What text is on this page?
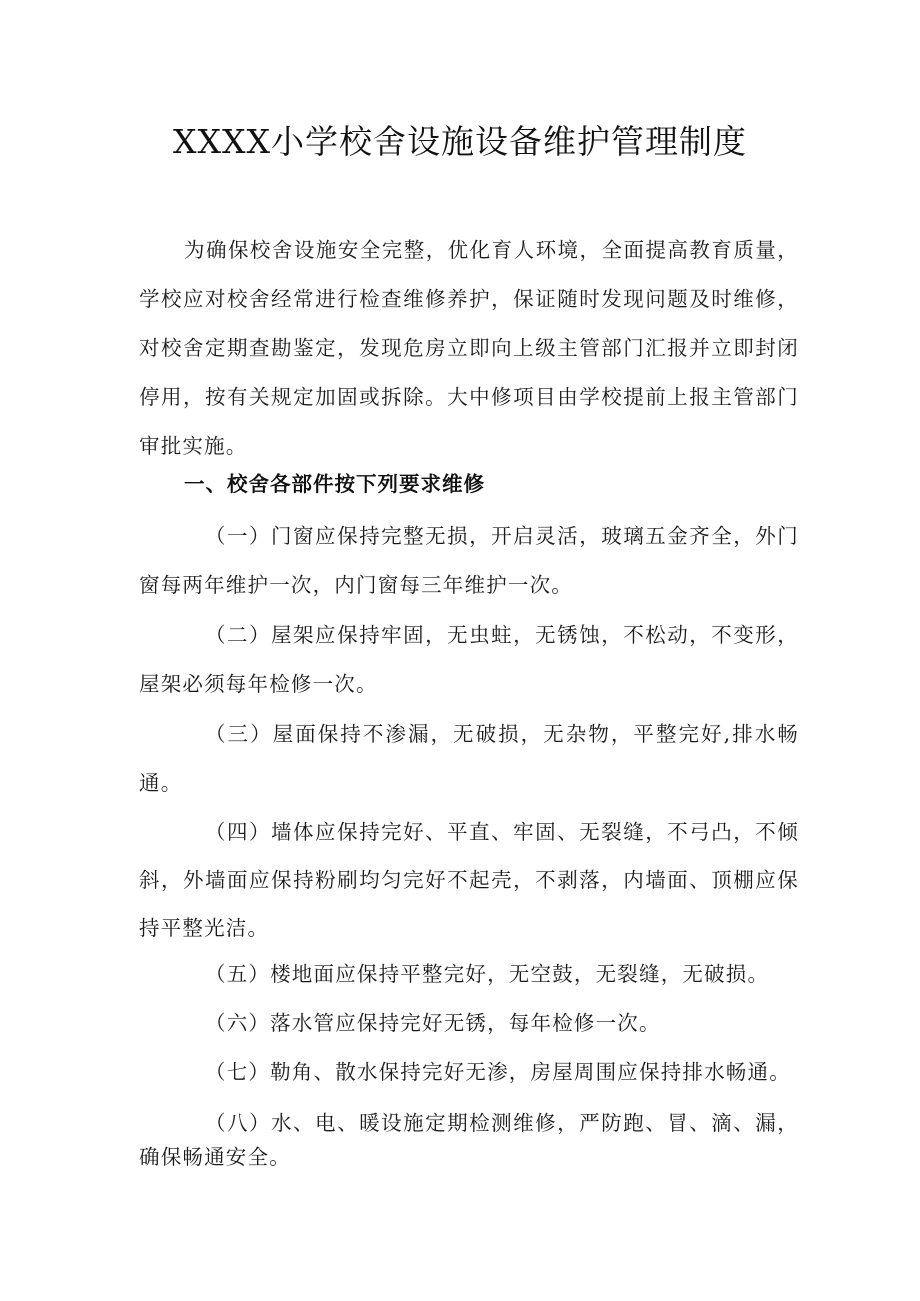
XXXX小学校舍设施设备维护管理制度

为确保校舍设施安全完整，优化育人环境，全面提高教育质量，学校应对校舍经常进行检查维修养护，保证随时发现问题及时维修，对校舍定期查勘鉴定，发现危房立即向上级主管部门汇报并立即封闭停用，按有关规定加固或拆除。大中修项目由学校提前上报主管部门审批实施。

一、校舍各部件按下列要求维修

（一）门窗应保持完整无损，开启灵活，玻璃五金齐全，外门窗每两年维护一次，内门窗每三年维护一次。

（二）屋架应保持牢固，无虫蛀，无锈蚀，不松动，不变形，屋架必须每年检修一次。

（三）屋面保持不渗漏，无破损，无杂物，平整完好,排水畅通。

（四）墙体应保持完好、平直、牢固、无裂缝，不弓凸，不倾斜，外墙面应保持粉刷均匀完好不起壳，不剥落，内墙面、顶棚应保持平整光洁。

（五）楼地面应保持平整完好，无空鼓，无裂缝，无破损。

（六）落水管应保持完好无锈，每年检修一次。

（七）勒角、散水保持完好无渗，房屋周围应保持排水畅通。

（八）水、电、暖设施定期检测维修，严防跑、冒、滴、漏，确保畅通安全。
